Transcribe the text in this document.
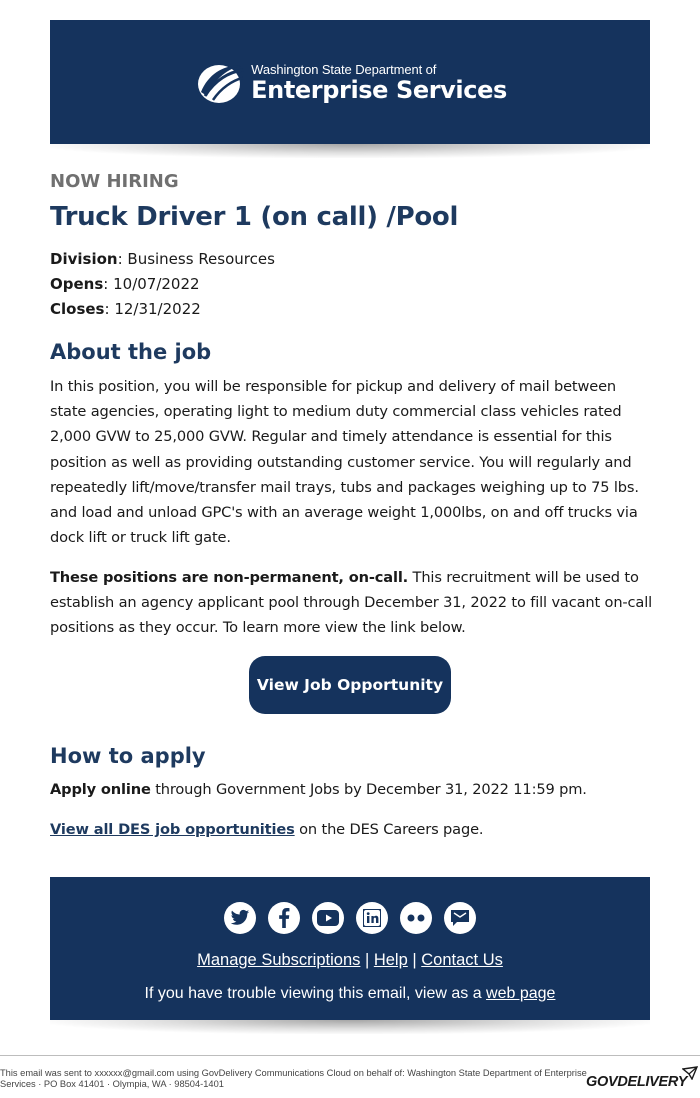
Washington State Department of
Enterprise Services
NOW HIRING
Truck Driver 1 (on call) /Pool
Division: Business Resources
Opens: 10/07/2022
Closes: 12/31/2022
About the job
In this position, you will be responsible for pickup and delivery of mail between state agencies, operating light to medium duty commercial class vehicles rated 2,000 GVW to 25,000 GVW. Regular and timely attendance is essential for this position as well as providing outstanding customer service. You will regularly and repeatedly lift/move/transfer mail trays, tubs and packages weighing up to 75 lbs. and load and unload GPC's with an average weight 1,000lbs, on and off trucks via dock lift or truck lift gate.
These positions are non-permanent, on-call. This recruitment will be used to establish an agency applicant pool through December 31, 2022 to fill vacant on-call positions as they occur. To learn more view the link below.
View Job Opportunity
How to apply
Apply online through Government Jobs by December 31, 2022 11:59 pm.
View all DES job opportunities on the DES Careers page.
Manage Subscriptions | Help | Contact Us
If you have trouble viewing this email, view as a web page
This email was sent to xxxxxx@gmail.com using GovDelivery Communications Cloud on behalf of: Washington State Department of Enterprise Services · PO Box 41401 · Olympia, WA · 98504-1401	GOVDELIVERY
